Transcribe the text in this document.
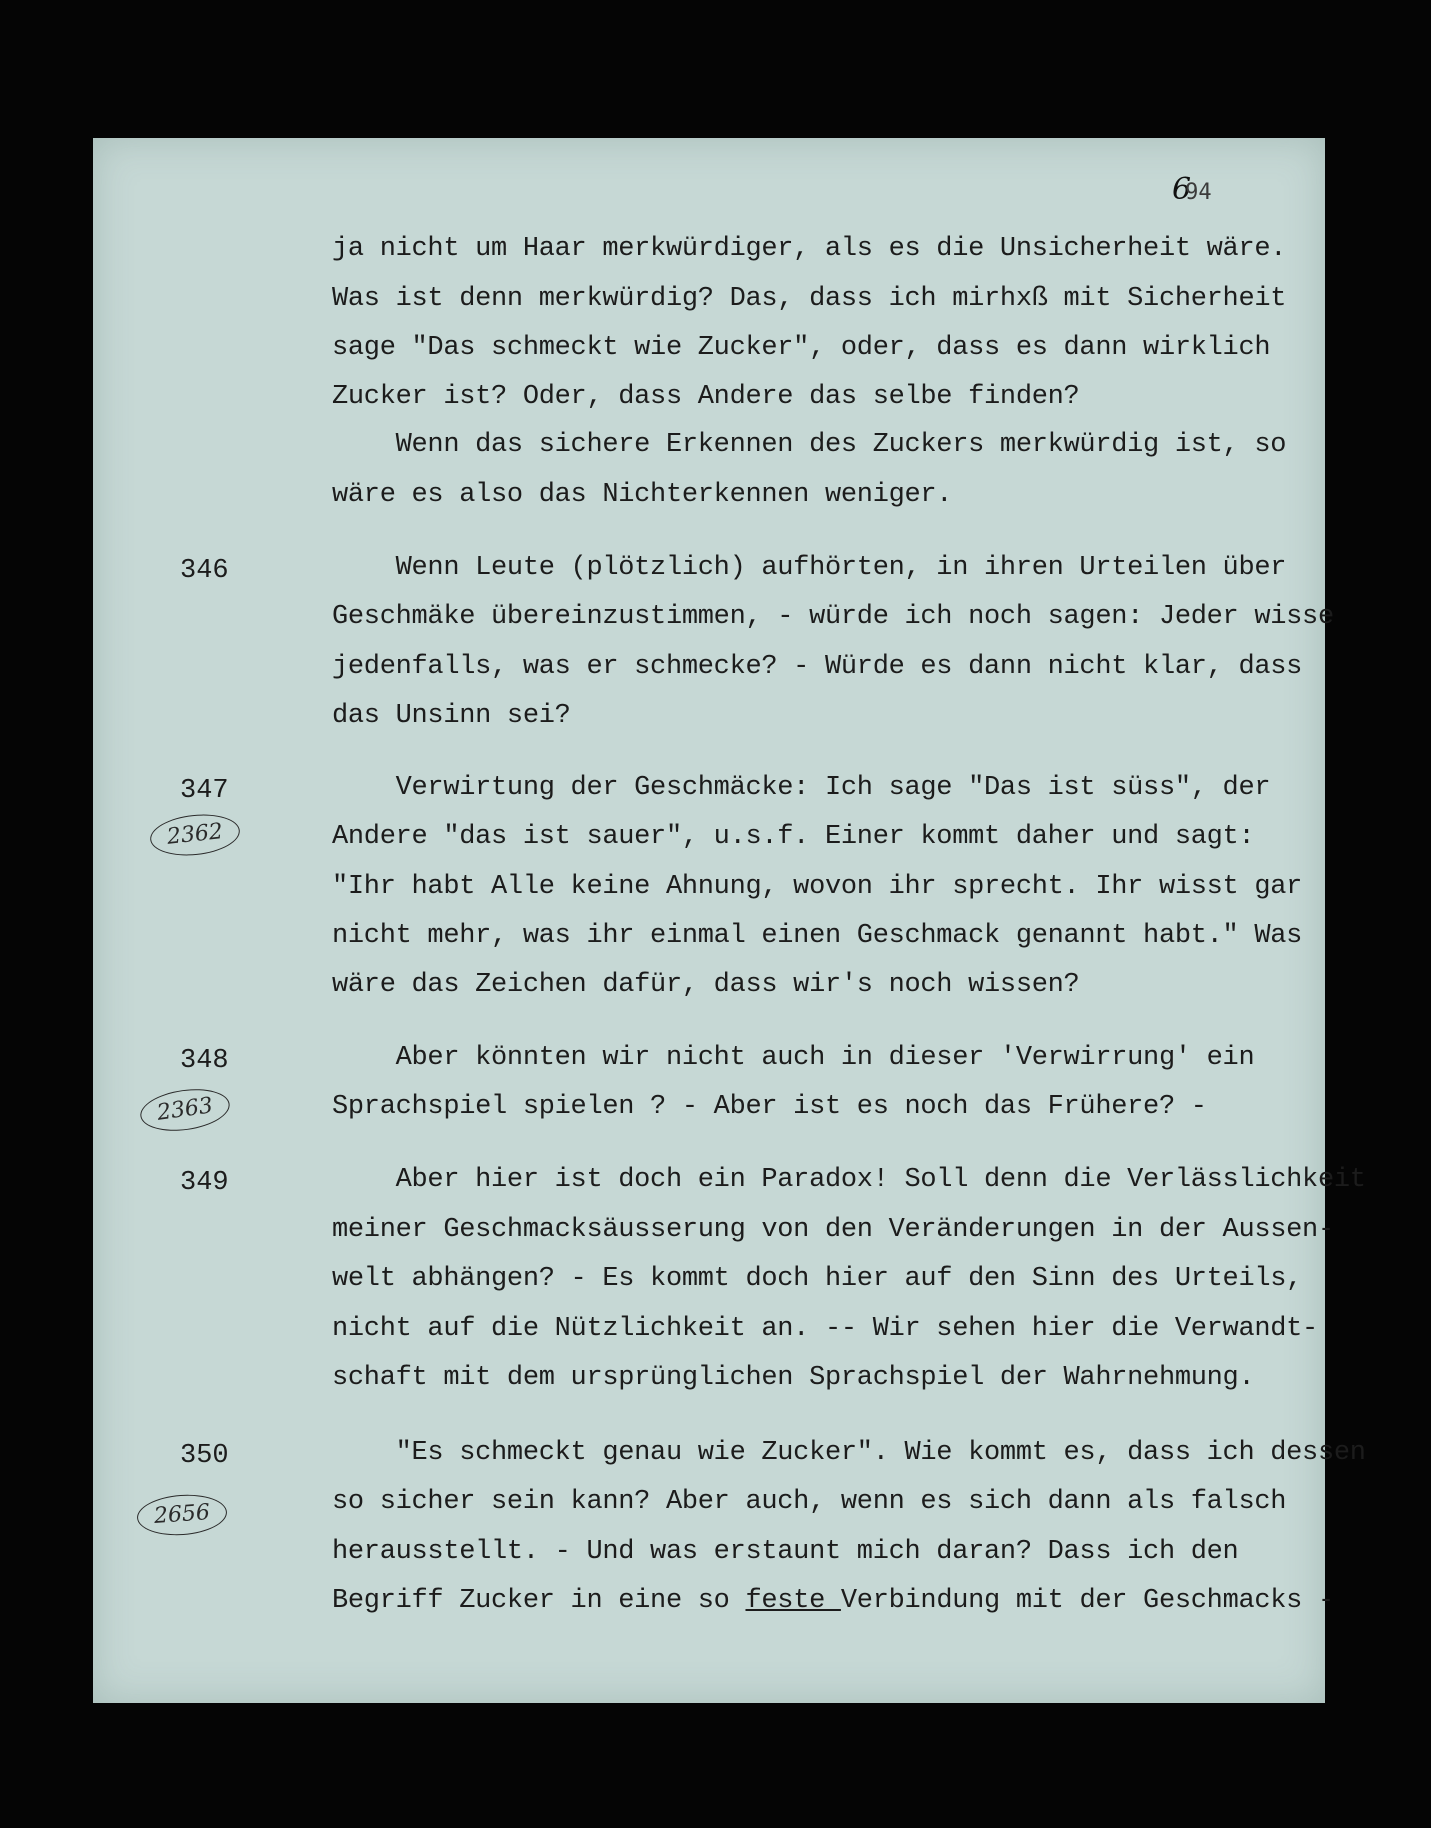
694
346
347
348
349
350
2362
2363
2656
ja nicht um Haar merkwürdiger, als es die Unsicherheit wäre.
Was ist denn merkwürdig? Das, dass ich mirhxß mit Sicherheit
sage "Das schmeckt wie Zucker", oder, dass es dann wirklich
Zucker ist? Oder, dass Andere das selbe finden?
Wenn das sichere Erkennen des Zuckers merkwürdig ist, so
wäre es also das Nichterkennen weniger.
Wenn Leute (plötzlich) aufhörten, in ihren Urteilen über
Geschmäke übereinzustimmen, - würde ich noch sagen: Jeder wisse
jedenfalls, was er schmecke? - Würde es dann nicht klar, dass
das Unsinn sei?
Verwirtung der Geschmäcke: Ich sage "Das ist süss", der
Andere "das ist sauer", u.s.f. Einer kommt daher und sagt:
"Ihr habt Alle keine Ahnung, wovon ihr sprecht. Ihr wisst gar
nicht mehr, was ihr einmal einen Geschmack genannt habt." Was
wäre das Zeichen dafür, dass wir's noch wissen?
Aber könnten wir nicht auch in dieser 'Verwirrung' ein
Sprachspiel spielen ? - Aber ist es noch das Frühere? -
Aber hier ist doch ein Paradox! Soll denn die Verlässlichkeit
meiner Geschmacksäusserung von den Veränderungen in der Aussen-
welt abhängen? - Es kommt doch hier auf den Sinn des Urteils,
nicht auf die Nützlichkeit an. -- Wir sehen hier die Verwandt-
schaft mit dem ursprünglichen Sprachspiel der Wahrnehmung.
"Es schmeckt genau wie Zucker". Wie kommt es, dass ich dessen
so sicher sein kann? Aber auch, wenn es sich dann als falsch
herausstellt. - Und was erstaunt mich daran? Dass ich den
Begriff Zucker in eine so feste Verbindung mit der Geschmacks -
